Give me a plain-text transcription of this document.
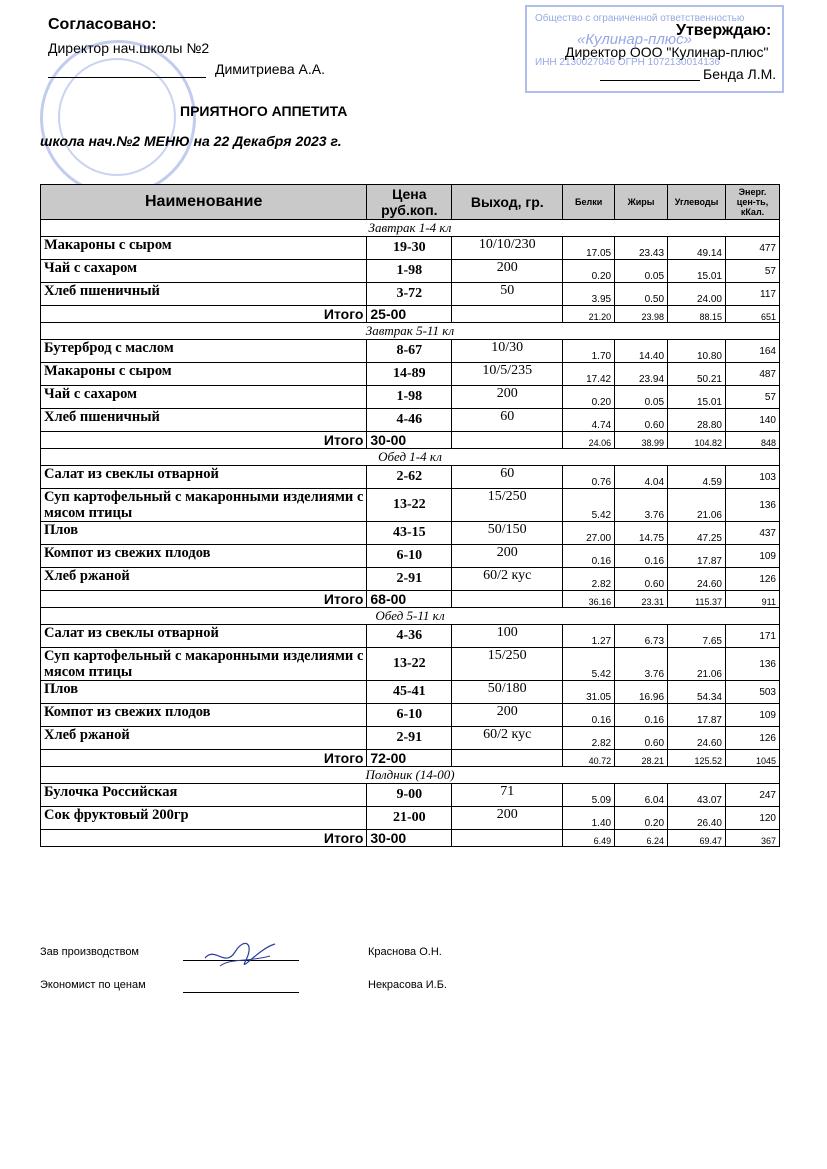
Общество с ограниченной ответственностью
«Кулинар-плюс»
ИНН 2130027046 ОГРН 1072130014136
Согласовано:
Директор нач.школы №2
Димитриева А.А.
Утверждаю:
Директор ООО "Кулинар-плюс"
Бенда Л.М.
ПРИЯТНОГО АППЕТИТА
школа нач.№2 МЕНЮ на 22 Декабря 2023 г.
Наименование	Цена руб.коп.	Выход, гр.	Белки	Жиры	Углеводы	Энерг. цен-ть, кКал.
Завтрак 1-4 кл						
Макароны с сыром	19-30	10/10/230	17.05	23.43	49.14	477
Чай с сахаром	1-98	200	0.20	0.05	15.01	57
Хлеб пшеничный	3-72	50	3.95	0.50	24.00	117
Итого	25-00		21.20	23.98	88.15	651
Завтрак 5-11 кл						
Бутерброд с маслом	8-67	10/30	1.70	14.40	10.80	164
Макароны с сыром	14-89	10/5/235	17.42	23.94	50.21	487
Чай с сахаром	1-98	200	0.20	0.05	15.01	57
Хлеб пшеничный	4-46	60	4.74	0.60	28.80	140
Итого	30-00		24.06	38.99	104.82	848
Обед 1-4 кл						
Салат из свеклы отварной	2-62	60	0.76	4.04	4.59	103
Суп картофельный с макаронными изделиями с мясом птицы	13-22	15/250	5.42	3.76	21.06	136
Плов	43-15	50/150	27.00	14.75	47.25	437
Компот из свежих плодов	6-10	200	0.16	0.16	17.87	109
Хлеб ржаной	2-91	60/2 кус	2.82	0.60	24.60	126
Итого	68-00		36.16	23.31	115.37	911
Обед 5-11 кл						
Салат из свеклы отварной	4-36	100	1.27	6.73	7.65	171
Суп картофельный с макаронными изделиями с мясом птицы	13-22	15/250	5.42	3.76	21.06	136
Плов	45-41	50/180	31.05	16.96	54.34	503
Компот из свежих плодов	6-10	200	0.16	0.16	17.87	109
Хлеб ржаной	2-91	60/2 кус	2.82	0.60	24.60	126
Итого	72-00		40.72	28.21	125.52	1045
Полдник (14-00)						
Булочка Российская	9-00	71	5.09	6.04	43.07	247
Сок фруктовый 200гр	21-00	200	1.40	0.20	26.40	120
Итого	30-00		6.49	6.24	69.47	367
Зав производством	Краснова О.Н.
Экономист по ценам	Некрасова И.Б.
